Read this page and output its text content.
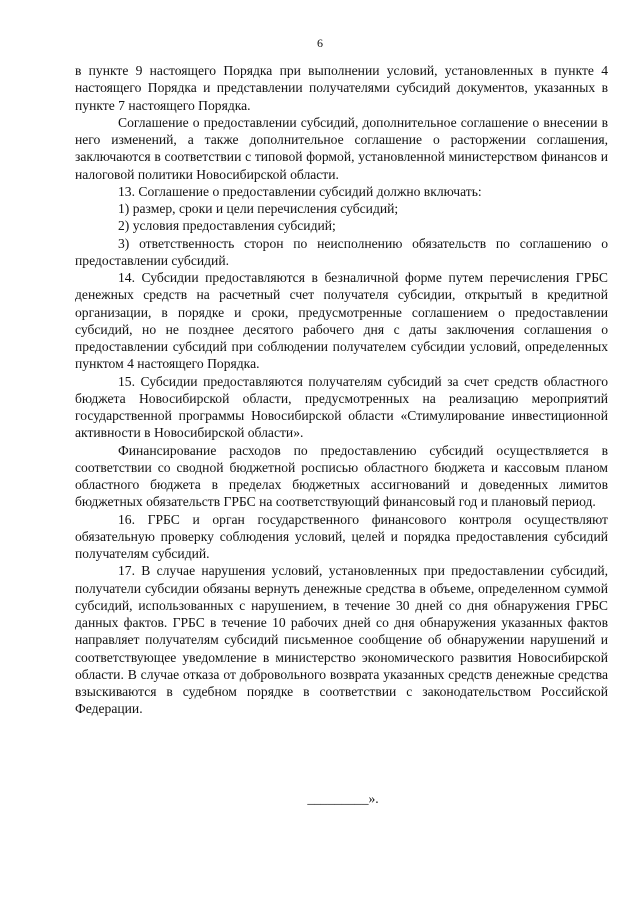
6

в пункте 9 настоящего Порядка при выполнении условий, установленных в пункте 4 настоящего Порядка и представлении получателями субсидий документов, указанных в пункте 7 настоящего Порядка.

Соглашение о предоставлении субсидий, дополнительное соглашение о внесении в него изменений, а также дополнительное соглашение о расторжении соглашения, заключаются в соответствии с типовой формой, установленной министерством финансов и налоговой политики Новосибирской области.

13. Соглашение о предоставлении субсидий должно включать:

1) размер, сроки и цели перечисления субсидий;

2) условия предоставления субсидий;

3) ответственность сторон по неисполнению обязательств по соглашению о предоставлении субсидий.

14. Субсидии предоставляются в безналичной форме путем перечисления ГРБС денежных средств на расчетный счет получателя субсидии, открытый в кредитной организации, в порядке и сроки, предусмотренные соглашением о предоставлении субсидий, но не позднее десятого рабочего дня с даты заключения соглашения о предоставлении субсидий при соблюдении получателем субсидии условий, определенных пунктом 4 настоящего Порядка.

15. Субсидии предоставляются получателям субсидий за счет средств областного бюджета Новосибирской области, предусмотренных на реализацию мероприятий государственной программы Новосибирской области «Стимулирование инвестиционной активности в Новосибирской области».

Финансирование расходов по предоставлению субсидий осуществляется в соответствии со сводной бюджетной росписью областного бюджета и кассовым планом областного бюджета в пределах бюджетных ассигнований и доведенных лимитов бюджетных обязательств ГРБС на соответствующий финансовый год и плановый период.

16. ГРБС и орган государственного финансового контроля осуществляют обязательную проверку соблюдения условий, целей и порядка предоставления субсидий получателям субсидий.

17. В случае нарушения условий, установленных при предоставлении субсидий, получатели субсидии обязаны вернуть денежные средства в объеме, определенном суммой субсидий, использованных с нарушением, в течение 30 дней со дня обнаружения ГРБС данных фактов. ГРБС в течение 10 рабочих дней со дня обнаружения указанных фактов направляет получателям субсидий письменное сообщение об обнаружении нарушений и соответствующее уведомление в министерство экономического развития Новосибирской области. В случае отказа от добровольного возврата указанных средств денежные средства взыскиваются в судебном порядке в соответствии с законодательством Российской Федерации.

_________».
